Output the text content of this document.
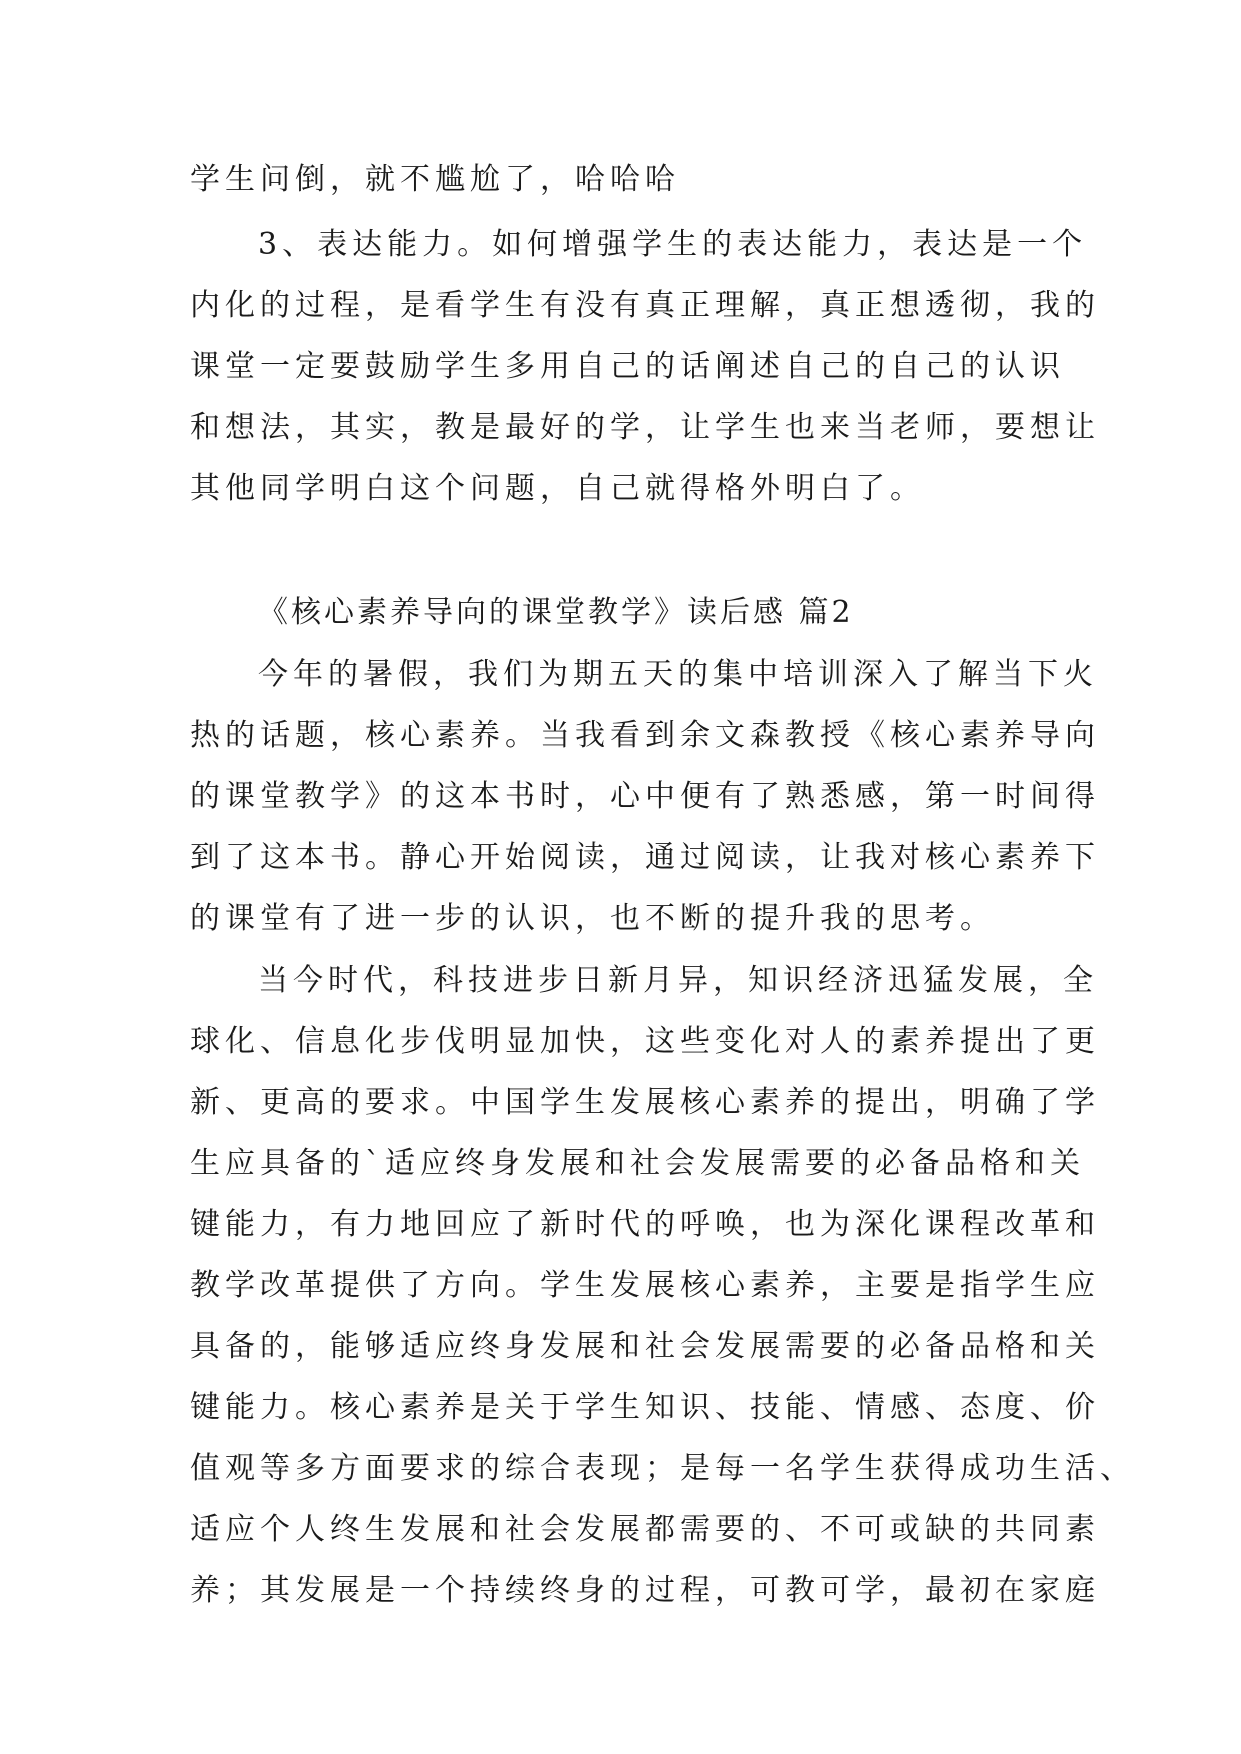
学生问倒，就不尴尬了，哈哈哈

3、表达能力。如何增强学生的表达能力，表达是一个

内化的过程，是看学生有没有真正理解，真正想透彻，我的

课堂一定要鼓励学生多用自己的话阐述自己的自己的认识

和想法，其实，教是最好的学，让学生也来当老师，要想让

其他同学明白这个问题，自己就得格外明白了。

《核心素养导向的课堂教学》读后感 篇2

今年的暑假，我们为期五天的集中培训深入了解当下火

热的话题，核心素养。当我看到余文森教授《核心素养导向

的课堂教学》的这本书时，心中便有了熟悉感，第一时间得

到了这本书。静心开始阅读，通过阅读，让我对核心素养下

的课堂有了进一步的认识，也不断的提升我的思考。

当今时代，科技进步日新月异，知识经济迅猛发展，全

球化、信息化步伐明显加快，这些变化对人的素养提出了更

新、更高的要求。中国学生发展核心素养的提出，明确了学

生应具备的`适应终身发展和社会发展需要的必备品格和关

键能力，有力地回应了新时代的呼唤，也为深化课程改革和

教学改革提供了方向。学生发展核心素养，主要是指学生应

具备的，能够适应终身发展和社会发展需要的必备品格和关

键能力。核心素养是关于学生知识、技能、情感、态度、价

值观等多方面要求的综合表现；是每一名学生获得成功生活、

适应个人终生发展和社会发展都需要的、不可或缺的共同素

养；其发展是一个持续终身的过程，可教可学，最初在家庭
